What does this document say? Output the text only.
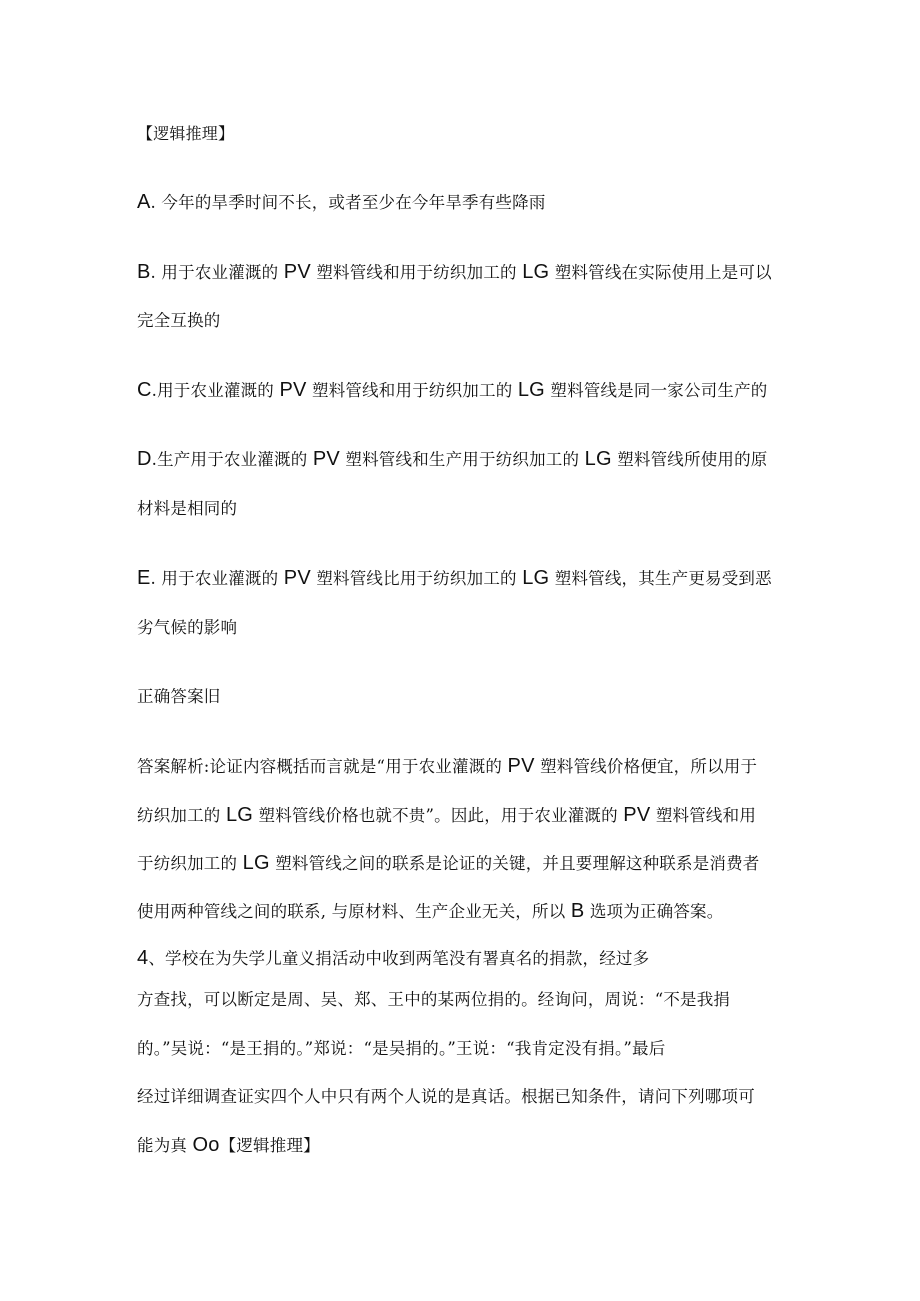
【逻辑推理】
A. 今年的旱季时间不长，或者至少在今年旱季有些降雨
B. 用于农业灌溉的 PV 塑料管线和用于纺织加工的 LG 塑料管线在实际使用上是可以
完全互换的
C.用于农业灌溉的 PV 塑料管线和用于纺织加工的 LG 塑料管线是同一家公司生产的
D.生产用于农业灌溉的 PV 塑料管线和生产用于纺织加工的 LG 塑料管线所使用的原
材料是相同的
E. 用于农业灌溉的 PV 塑料管线比用于纺织加工的 LG 塑料管线，其生产更易受到恶
劣气候的影响
正确答案旧
答案解析:论证内容概括而言就是“用于农业灌溉的 PV 塑料管线价格便宜，所以用于
纺织加工的 LG 塑料管线价格也就不贵”。因此，用于农业灌溉的 PV 塑料管线和用
于纺织加工的 LG 塑料管线之间的联系是论证的关键，并且要理解这种联系是消费者
使用两种管线之间的联系, 与原材料、生产企业无关，所以 B 选项为正确答案。
4、学校在为失学儿童义捐活动中收到两笔没有署真名的捐款，经过多
方查找，可以断定是周、吴、郑、王中的某两位捐的。经询问，周说：“不是我捐
的。”吴说：“是王捐的。”郑说：“是吴捐的。”王说：“我肯定没有捐。”最后
经过详细调查证实四个人中只有两个人说的是真话。根据已知条件，请问下列哪项可
能为真 Oo【逻辑推理】
